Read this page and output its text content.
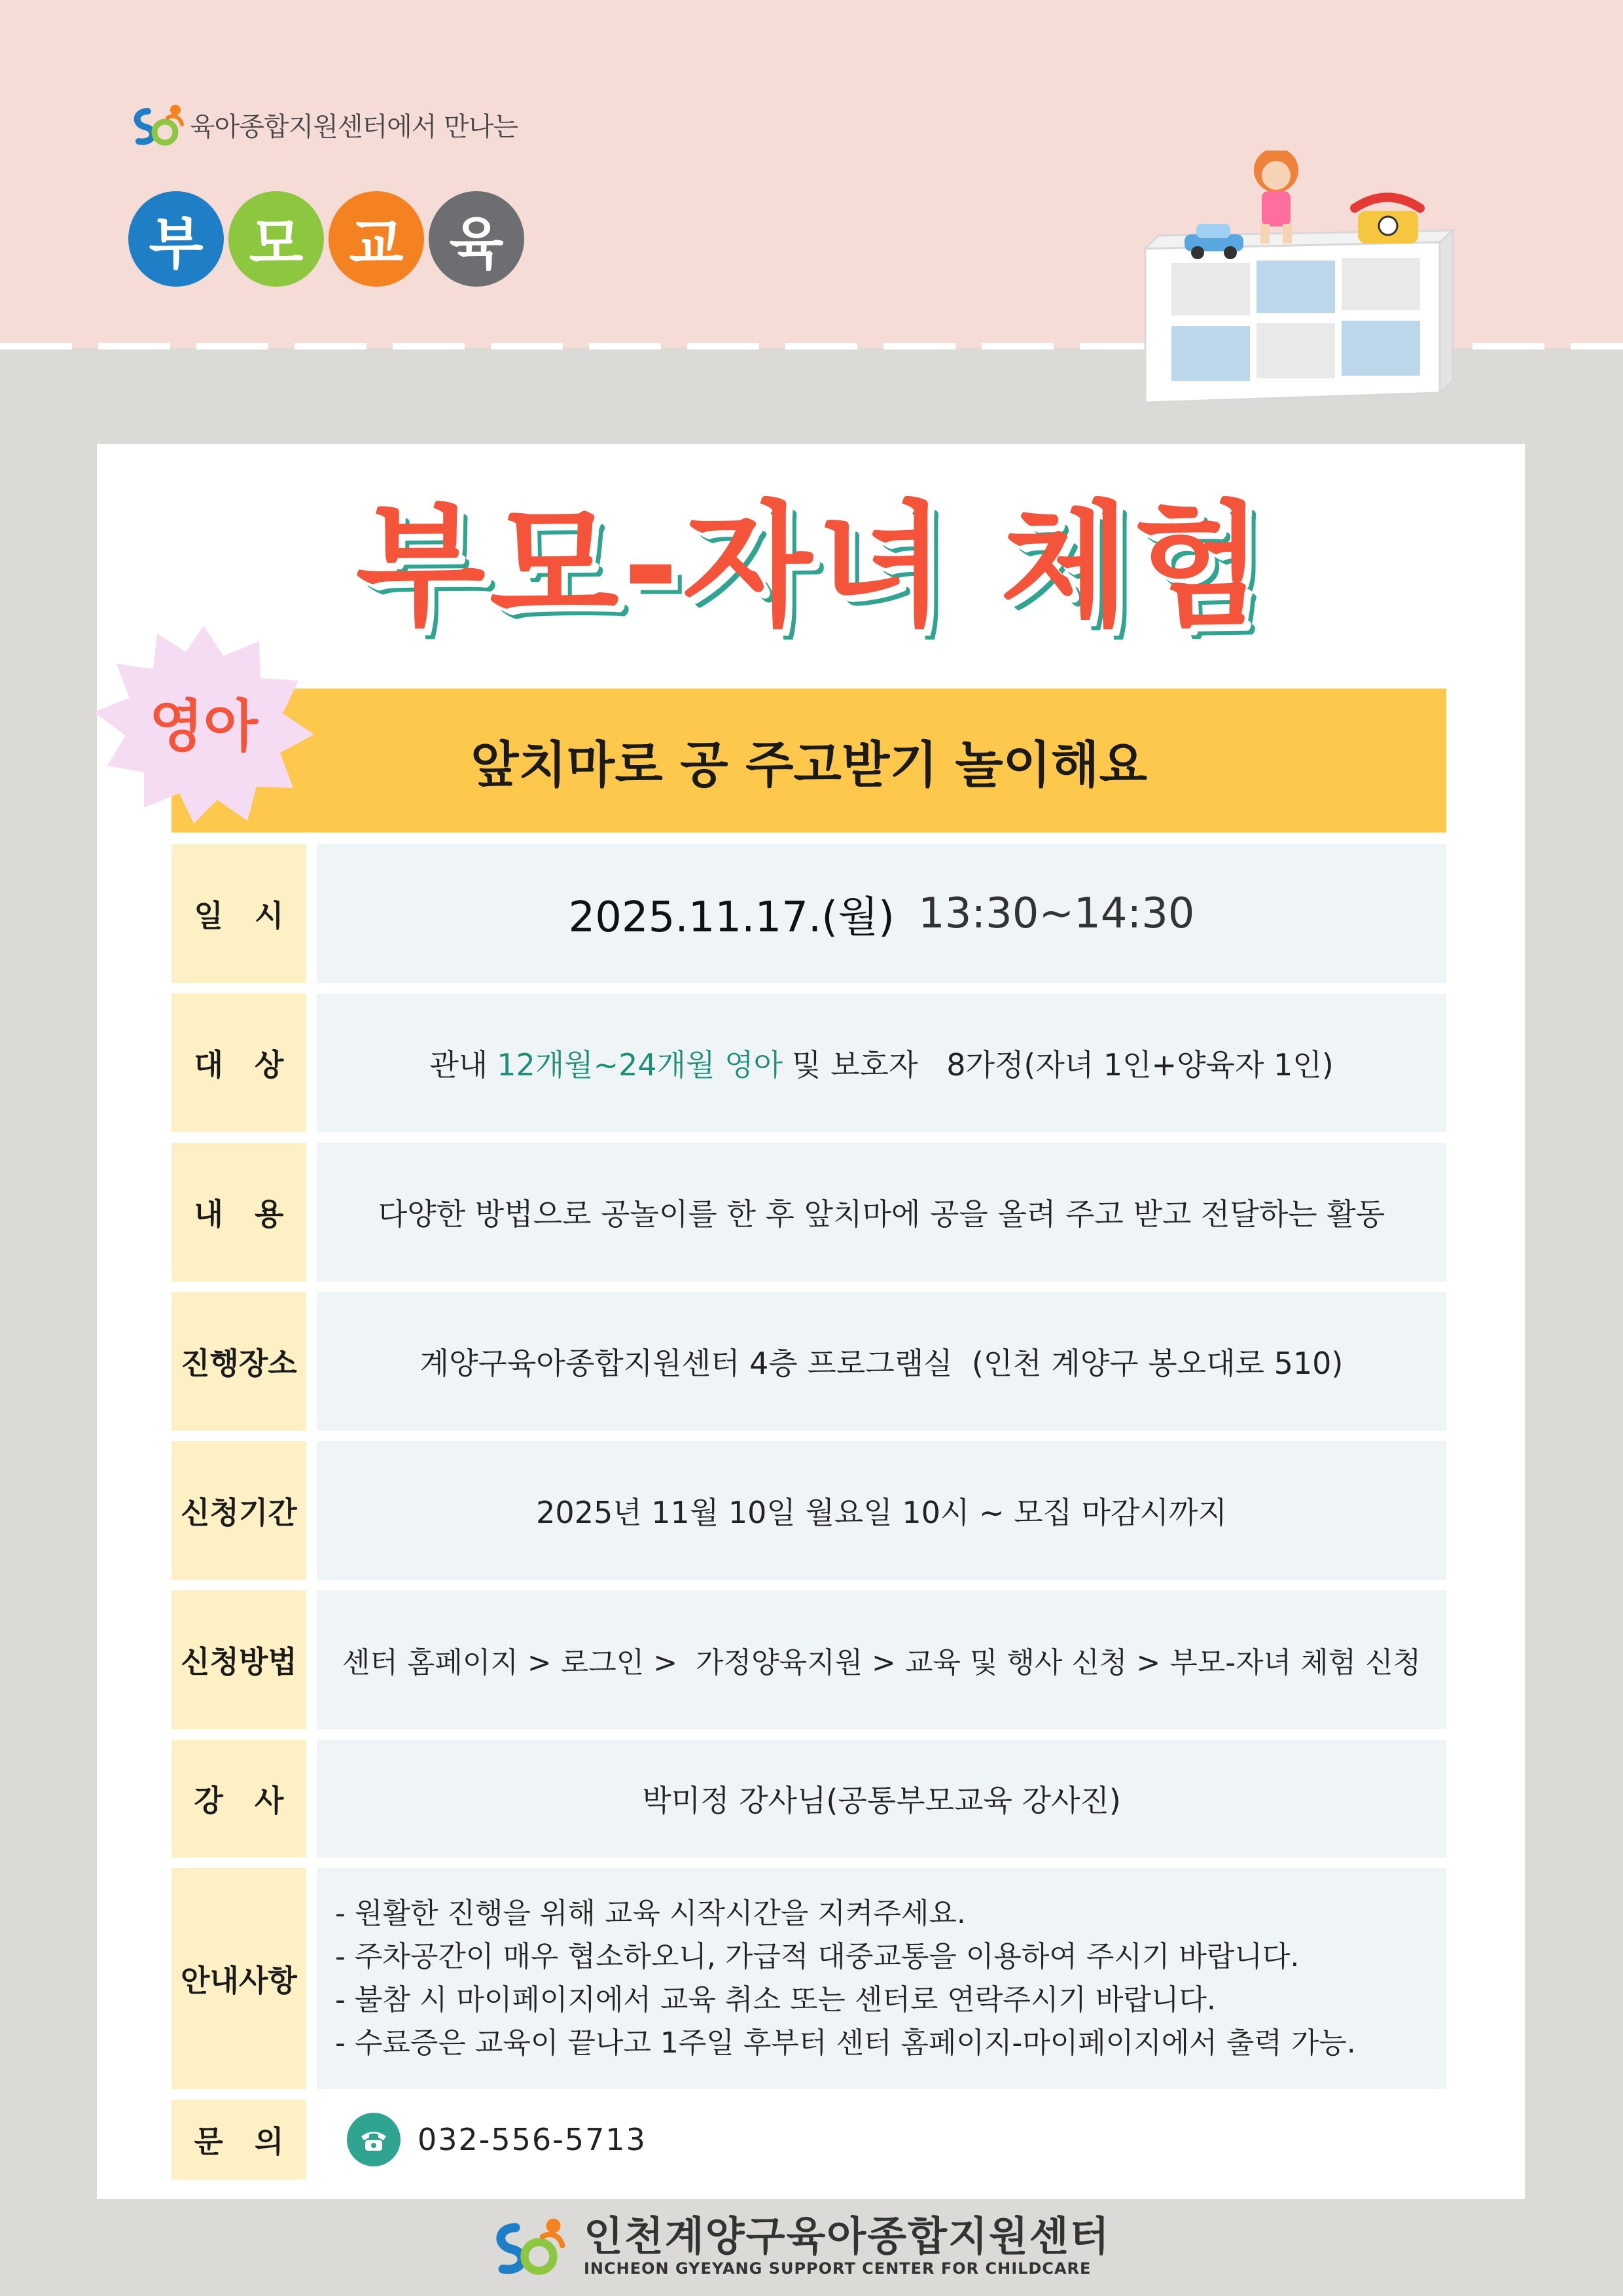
육아종합지원센터에서 만나는
부 모 교 육
부모-자녀 체험
앞치마로 공 주고받기 놀이해요
영아
일   시	2025.11.17.(월) 13:30~14:30
대   상	관내 12개월~24개월 영아 및 보호자   8가정(자녀 1인+양육자 1인)
내   용	다양한 방법으로 공놀이를 한 후 앞치마에 공을 올려 주고 받고 전달하는 활동
진행장소	계양구육아종합지원센터 4층 프로그램실  (인천 계양구 봉오대로 510)
신청기간	2025년 11월 10일 월요일 10시 ~ 모집 마감시까지
신청방법	센터 홈페이지 > 로그인 >  가정양육지원 > 교육 및 행사 신청 > 부모-자녀 체험 신청
강   사	박미정 강사님(공통부모교육 강사진)
안내사항
- 원활한 진행을 위해 교육 시작시간을 지켜주세요.
- 주차공간이 매우 협소하오니, 가급적 대중교통을 이용하여 주시기 바랍니다.
- 불참 시 마이페이지에서 교육 취소 또는 센터로 연락주시기 바랍니다.
- 수료증은 교육이 끝나고 1주일 후부터 센터 홈페이지-마이페이지에서 출력 가능.
문   의	032-556-5713
인천계양구육아종합지원센터
INCHEON GYEYANG SUPPORT CENTER FOR CHILDCARE
